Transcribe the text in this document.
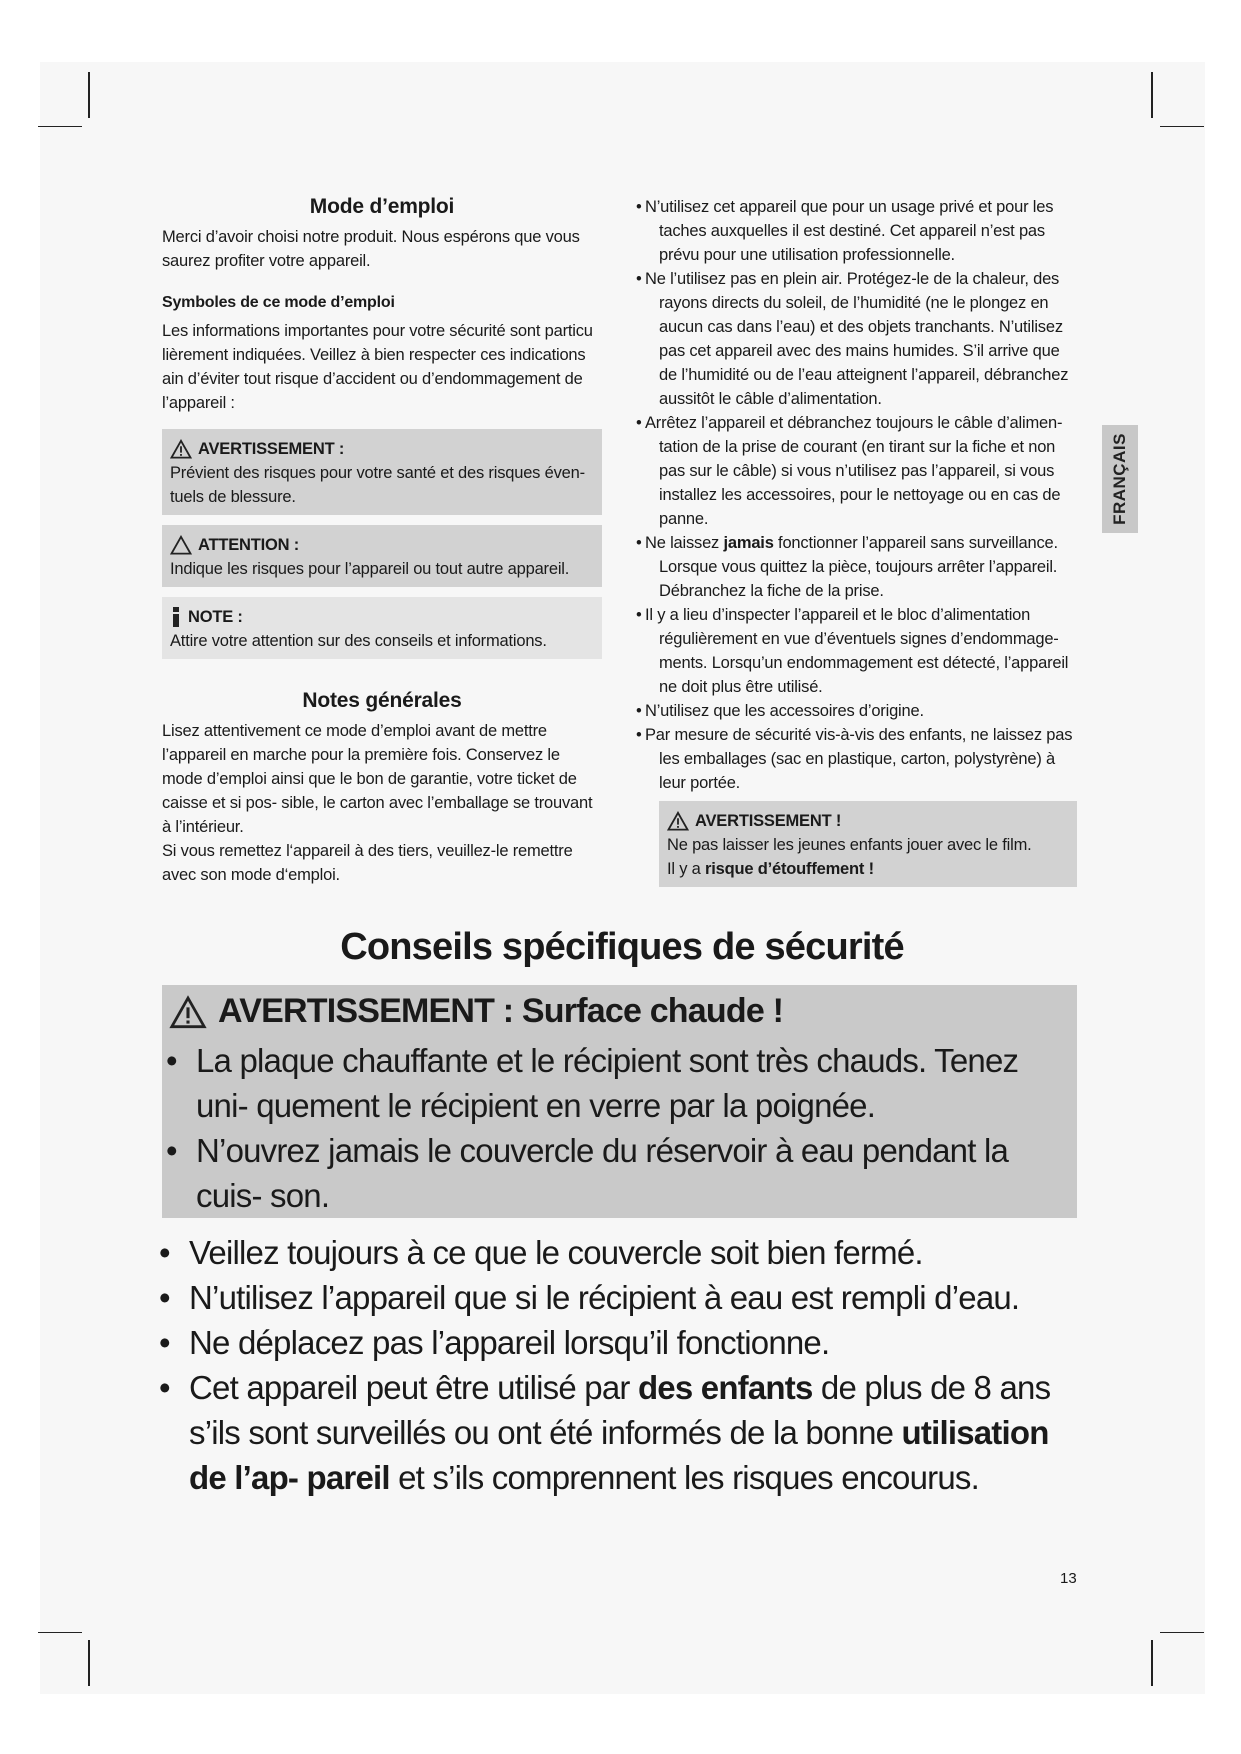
Mode d’emploi

Merci d’avoir choisi notre produit. Nous espérons que vous saurez profiter votre appareil.

Symboles de ce mode d’emploi

Les informations importantes pour votre sécurité sont particu lièrement indiquées. Veillez à bien respecter ces indications ain d’éviter tout risque d’accident ou d’endommagement de l’appareil :

AVERTISSEMENT :

Prévient des risques pour votre santé et des risques éven- tuels de blessure.

ATTENTION :

Indique les risques pour l’appareil ou tout autre appareil.

NOTE :

Attire votre attention sur des conseils et informations.

Notes générales

Lisez attentivement ce mode d’emploi avant de mettre l’appareil en marche pour la première fois. Conservez le mode d’emploi ainsi que le bon de garantie, votre ticket de caisse et si pos- sible, le carton avec l’emballage se trouvant à l’intérieur.

Si vous remettez l‘appareil à des tiers, veuillez-le remettre avec son mode d‘emploi.

• N’utilisez cet appareil que pour un usage privé et pour les taches auxquelles il est destiné. Cet appareil n’est pas prévu pour une utilisation professionnelle.
• Ne l’utilisez pas en plein air. Protégez-le de la chaleur, des rayons directs du soleil, de l’humidité (ne le plongez en aucun cas dans l’eau) et des objets tranchants. N’utilisez pas cet appareil avec des mains humides. S’il arrive que de l’humidité ou de l’eau atteignent l’appareil, débranchez aussitôt le câble d’alimentation.
• Arrêtez l’appareil et débranchez toujours le câble d’alimen- tation de la prise de courant (en tirant sur la fiche et non pas sur le câble) si vous n’utilisez pas l’appareil, si vous installez les accessoires, pour le nettoyage ou en cas de panne.
• Ne laissez jamais fonctionner l’appareil sans surveillance. Lorsque vous quittez la pièce, toujours arrêter l’appareil. Débranchez la fiche de la prise.
• Il y a lieu d’inspecter l’appareil et le bloc d’alimentation régulièrement en vue d’éventuels signes d’endommage- ments. Lorsqu’un endommagement est détecté, l’appareil ne doit plus être utilisé.
• N’utilisez que les accessoires d’origine.
• Par mesure de sécurité vis-à-vis des enfants, ne laissez pas les emballages (sac en plastique, carton, polystyrène) à leur portée.
AVERTISSEMENT !

Ne pas laisser les jeunes enfants jouer avec le film.

Il y a risque d’étouffement !

FRANÇAIS
Conseils spécifiques de sécurité
AVERTISSEMENT : Surface chaude !
• La plaque chauffante et le récipient sont très chauds. Tenez uni- quement le récipient en verre par la poignée.
• N’ouvrez jamais le couvercle du réservoir à eau pendant la cuis- son.
• Veillez toujours à ce que le couvercle soit bien fermé.
• N’utilisez l’appareil que si le récipient à eau est rempli d’eau.
• Ne déplacez pas l’appareil lorsqu’il fonctionne.
• Cet appareil peut être utilisé par des enfants de plus de 8 ans s’ils sont surveillés ou ont été informés de la bonne utilisation de l’ap- pareil et s’ils comprennent les risques encourus.
13
